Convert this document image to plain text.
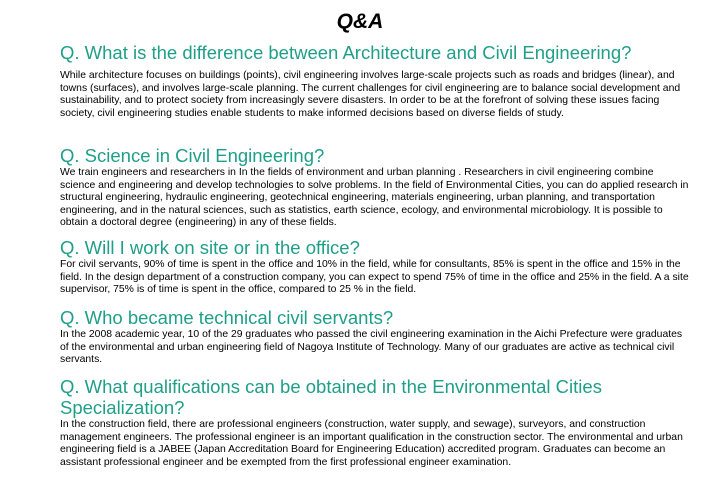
Q&A

Q. What is the difference between Architecture and Civil Engineering?

While architecture focuses on buildings (points), civil engineering involves large-scale projects such as roads and bridges (linear), and towns (surfaces), and involves large-scale planning. The current challenges for civil engineering are to balance social development and sustainability, and to protect society from increasingly severe disasters. In order to be at the forefront of solving these issues facing society, civil engineering studies enable students to make informed decisions based on diverse fields of study.

Q. Science in Civil Engineering?

We train engineers and researchers in In the fields of environment and urban planning . Researchers in civil engineering combine science and engineering and develop technologies to solve problems. In the field of Environmental Cities, you can do applied research in structural engineering, hydraulic engineering, geotechnical engineering, materials engineering, urban planning, and transportation engineering, and in the natural sciences, such as statistics, earth science, ecology, and environmental microbiology. It is possible to obtain a doctoral degree (engineering) in any of these fields.

Q. Will I work on site or in the office?

For civil servants, 90% of time is spent in the office and 10% in the field, while for consultants, 85% is spent in the office and 15% in the field. In the design department of a construction company, you can expect to spend 75% of time in the office and 25% in the field. A a site supervisor, 75% is of time is spent in the office, compared to 25 % in the field.

Q. Who became technical civil servants?

In the 2008 academic year, 10 of the 29 graduates who passed the civil engineering examination in the Aichi Prefecture were graduates of the environmental and urban engineering field of Nagoya Institute of Technology. Many of our graduates are active as technical civil servants.

Q. What qualifications can be obtained in the Environmental Cities Specialization?

In the construction field, there are professional engineers (construction, water supply, and sewage), surveyors, and construction management engineers. The professional engineer is an important qualification in the construction sector. The environmental and urban engineering field is a JABEE (Japan Accreditation Board for Engineering Education) accredited program. Graduates can become an assistant professional engineer and be exempted from the first professional engineer examination.
